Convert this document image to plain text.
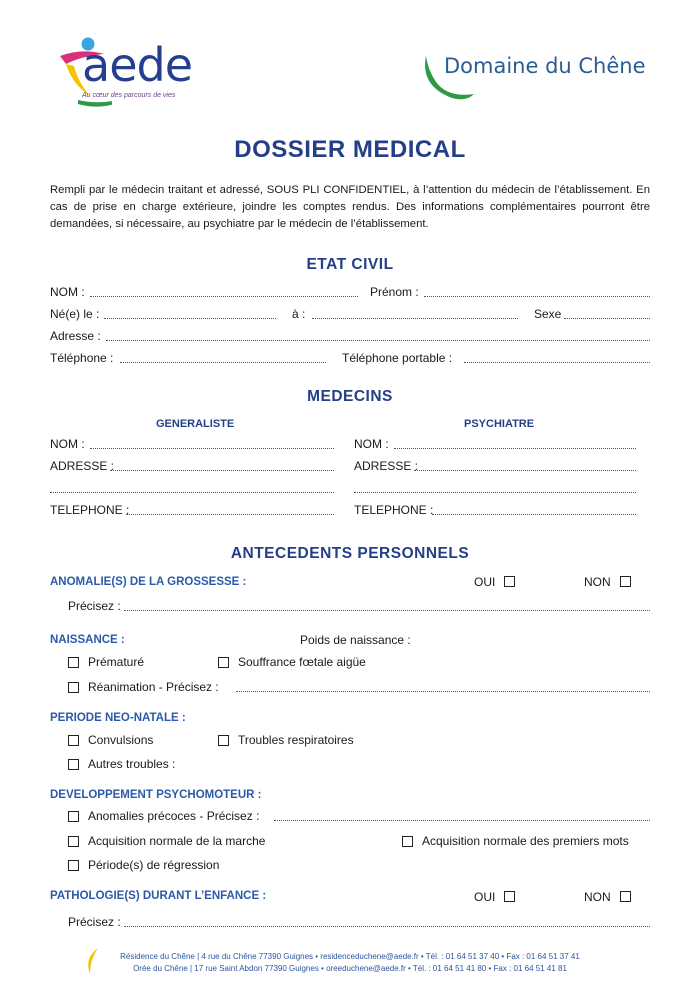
aede
Au cœur des parcours de vies
Domaine du Chêne
DOSSIER MEDICAL
Rempli par le médecin traitant et adressé, SOUS PLI CONFIDENTIEL, à l’attention du médecin de l’établissement. En cas de prise en charge extérieure, joindre les comptes rendus. Des informations complémentaires pourront être demandées, si nécessaire, au psychiatre par le médecin de l’établissement.
ETAT CIVIL
NOM :	Prénom :
Né(e) le :	à :	Sexe
Adresse :
Téléphone :	Téléphone portable :
MEDECINS
GENERALISTE	PSYCHIATRE
NOM :	NOM :
ADRESSE :	ADRESSE :
TELEPHONE :	TELEPHONE :
ANTECEDENTS PERSONNELS
ANOMALIE(S) DE LA GROSSESSE :	OUI	NON
Précisez :
NAISSANCE :	Poids de naissance :
Prématuré	Souffrance fœtale aigüe
Réanimation - Précisez :
PERIODE NEO-NATALE :
Convulsions	Troubles respiratoires
Autres troubles :
DEVELOPPEMENT PSYCHOMOTEUR :
Anomalies précoces - Précisez :
Acquisition normale de la marche	Acquisition normale des premiers mots
Période(s) de régression
PATHOLOGIE(S) DURANT L’ENFANCE :	OUI	NON
Précisez :
Résidence du Chêne | 4 rue du Chêne 77390 Guignes • residenceduchene@aede.fr • Tél. : 01 64 51 37 40 • Fax : 01 64 51 37 41
Orée du Chêne | 17 rue Saint Abdon 77390 Guignes • oreeduchene@aede.fr • Tél. : 01 64 51 41 80 • Fax : 01 64 51 41 81
